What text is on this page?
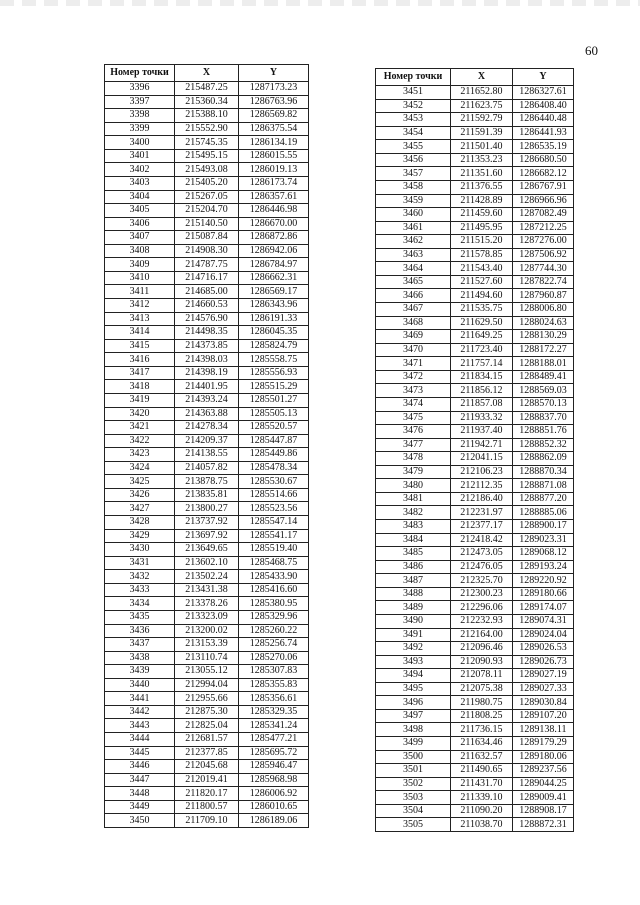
60
Номер точки	X	Y
3396	215487.25	1287173.23
3397	215360.34	1286763.96
3398	215388.10	1286569.82
3399	215552.90	1286375.54
3400	215745.35	1286134.19
3401	215495.15	1286015.55
3402	215493.08	1286019.13
3403	215405.20	1286173.74
3404	215267.05	1286357.61
3405	215204.70	1286446.98
3406	215140.50	1286670.00
3407	215087.84	1286872.86
3408	214908.30	1286942.06
3409	214787.75	1286784.97
3410	214716.17	1286662.31
3411	214685.00	1286569.17
3412	214660.53	1286343.96
3413	214576.90	1286191.33
3414	214498.35	1286045.35
3415	214373.85	1285824.79
3416	214398.03	1285558.75
3417	214398.19	1285556.93
3418	214401.95	1285515.29
3419	214393.24	1285501.27
3420	214363.88	1285505.13
3421	214278.34	1285520.57
3422	214209.37	1285447.87
3423	214138.55	1285449.86
3424	214057.82	1285478.34
3425	213878.75	1285530.67
3426	213835.81	1285514.66
3427	213800.27	1285523.56
3428	213737.92	1285547.14
3429	213697.92	1285541.17
3430	213649.65	1285519.40
3431	213602.10	1285468.75
3432	213502.24	1285433.90
3433	213431.38	1285416.60
3434	213378.26	1285380.95
3435	213323.09	1285329.96
3436	213200.02	1285260.22
3437	213153.39	1285256.74
3438	213110.74	1285270.06
3439	213055.12	1285307.83
3440	212994.04	1285355.83
3441	212955.66	1285356.61
3442	212875.30	1285329.35
3443	212825.04	1285341.24
3444	212681.57	1285477.21
3445	212377.85	1285695.72
3446	212045.68	1285946.47
3447	212019.41	1285968.98
3448	211820.17	1286006.92
3449	211800.57	1286010.65
3450	211709.10	1286189.06
Номер точки	X	Y
3451	211652.80	1286327.61
3452	211623.75	1286408.40
3453	211592.79	1286440.48
3454	211591.39	1286441.93
3455	211501.40	1286535.19
3456	211353.23	1286680.50
3457	211351.60	1286682.12
3458	211376.55	1286767.91
3459	211428.89	1286966.96
3460	211459.60	1287082.49
3461	211495.95	1287212.25
3462	211515.20	1287276.00
3463	211578.85	1287506.92
3464	211543.40	1287744.30
3465	211527.60	1287822.74
3466	211494.60	1287960.87
3467	211535.75	1288006.80
3468	211629.50	1288024.63
3469	211649.25	1288130.29
3470	211723.40	1288172.27
3471	211757.14	1288188.01
3472	211834.15	1288489.41
3473	211856.12	1288569.03
3474	211857.08	1288570.13
3475	211933.32	1288837.70
3476	211937.40	1288851.76
3477	211942.71	1288852.32
3478	212041.15	1288862.09
3479	212106.23	1288870.34
3480	212112.35	1288871.08
3481	212186.40	1288877.20
3482	212231.97	1288885.06
3483	212377.17	1288900.17
3484	212418.42	1289023.31
3485	212473.05	1289068.12
3486	212476.05	1289193.24
3487	212325.70	1289220.92
3488	212300.23	1289180.66
3489	212296.06	1289174.07
3490	212232.93	1289074.31
3491	212164.00	1289024.04
3492	212096.46	1289026.53
3493	212090.93	1289026.73
3494	212078.11	1289027.19
3495	212075.38	1289027.33
3496	211980.75	1289030.84
3497	211808.25	1289107.20
3498	211736.15	1289138.11
3499	211634.46	1289179.29
3500	211632.57	1289180.06
3501	211490.65	1289237.56
3502	211431.70	1289044.25
3503	211339.10	1289009.41
3504	211090.20	1288908.17
3505	211038.70	1288872.31
